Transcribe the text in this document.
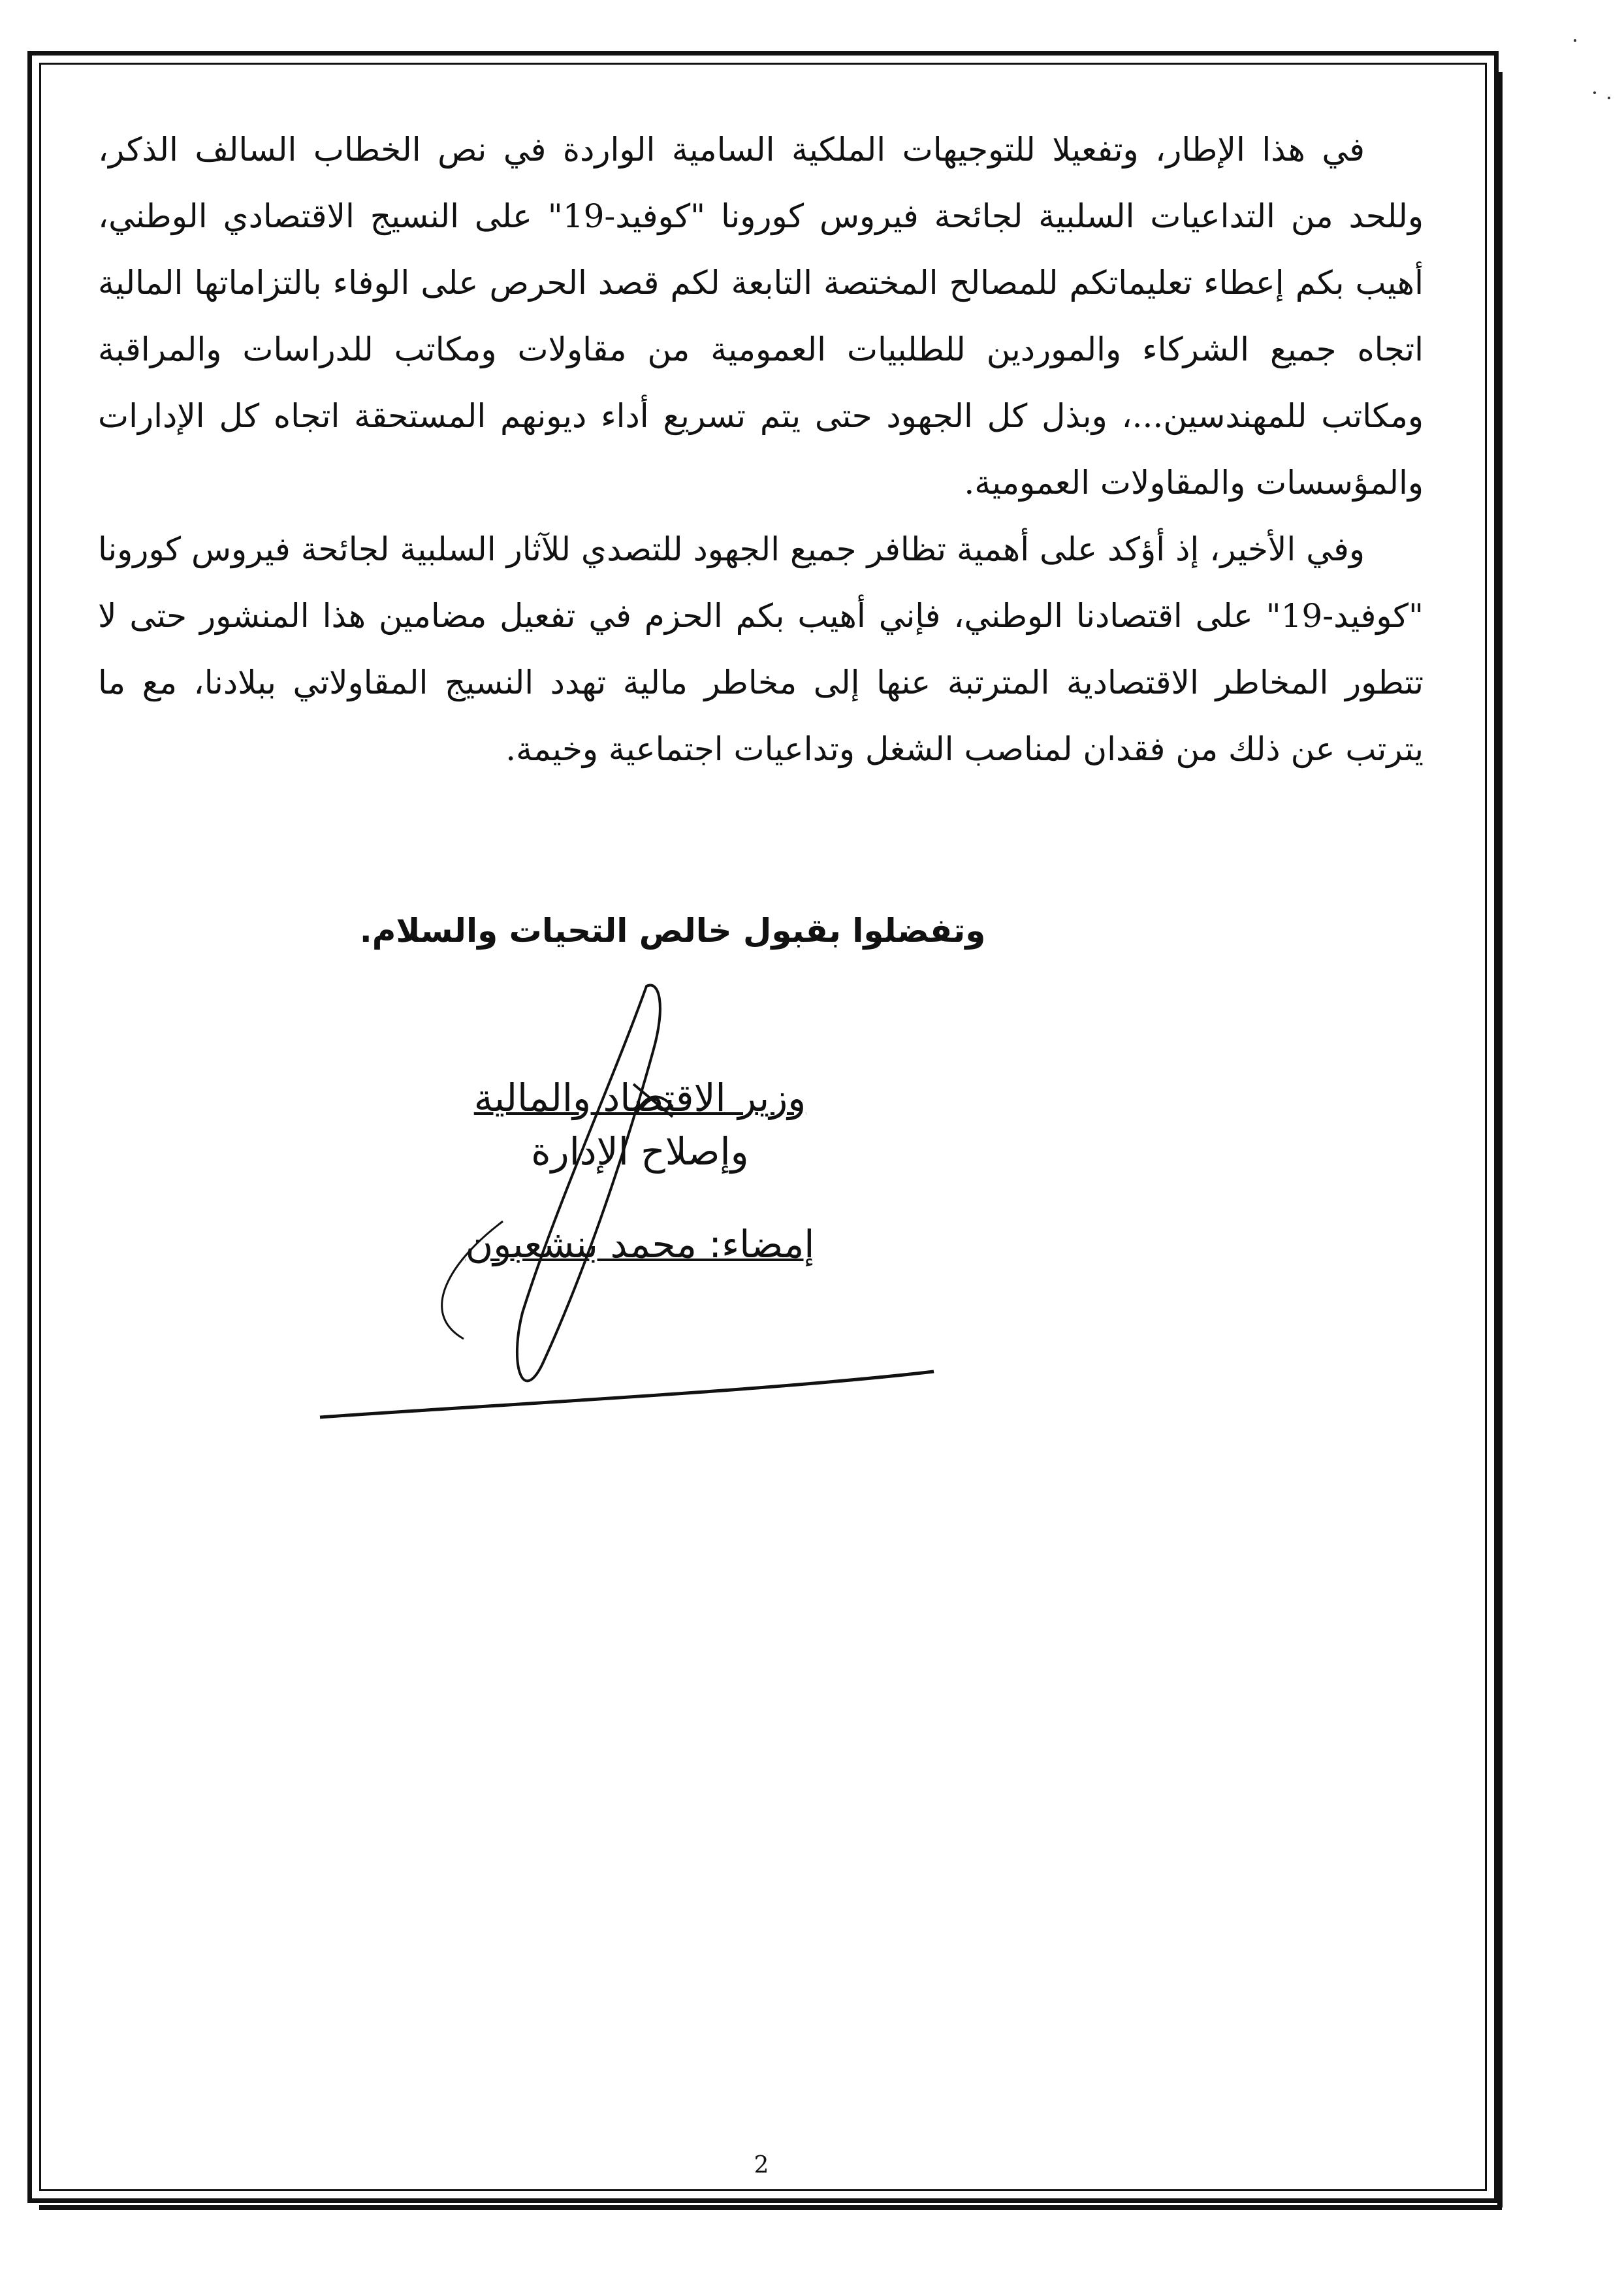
في هذا الإطار، وتفعيلا للتوجيهات الملكية السامية الواردة في نص الخطاب السالف الذكر، وللحد من التداعيات السلبية لجائحة فيروس كورونا "كوفيد-19" على النسيج الاقتصادي الوطني، أهيب بكم إعطاء تعليماتكم للمصالح المختصة التابعة لكم قصد الحرص على الوفاء بالتزاماتها المالية اتجاه جميع الشركاء والموردين للطلبيات العمومية من مقاولات ومكاتب للدراسات والمراقبة ومكاتب للمهندسين...، وبذل كل الجهود حتى يتم تسريع أداء ديونهم المستحقة اتجاه كل الإدارات والمؤسسات والمقاولات العمومية.
وفي الأخير، إذ أؤكد على أهمية تظافر جميع الجهود للتصدي للآثار السلبية لجائحة فيروس كورونا "كوفيد-19" على اقتصادنا الوطني، فإني أهيب بكم الحزم في تفعيل مضامين هذا المنشور حتى لا تتطور المخاطر الاقتصادية المترتبة عنها إلى مخاطر مالية تهدد النسيج المقاولاتي ببلادنا، مع ما يترتب عن ذلك من فقدان لمناصب الشغل وتداعيات اجتماعية وخيمة.
وتفضلوا بقبول خالص التحيات والسلام.
وزير الاقتصاد والمالية
وإصلاح الإدارة
إمضاء: محمد بنشعبون
2
